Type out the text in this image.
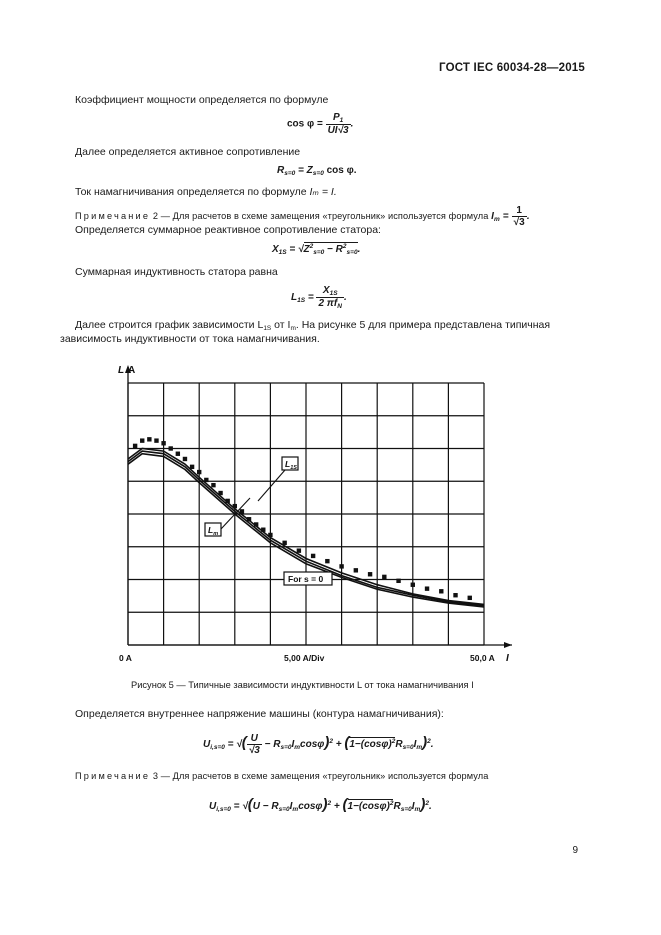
ГОСТ IEC 60034-28—2015
Коэффициент мощности определяется по формуле
$\cos \varphi = \frac{P_1}{UI√3}$ .
Далее определяется активное сопротивление
$R_{s=0} = Z_{s=0}$ cos φ.
Ток намагничивания определяется по формуле Iₘ = I.
Примечание 2 — Для расчетов в схеме замещения «треугольник» используется формула $I_m = \frac{1}{√3}$ .
Определяется суммарное реактивное сопротивление статора:
$X_{1S} = √Z^2_{s=0} - R^2_{s=0}$.
Суммарная индуктивность статора равна
$L_{1S} = \frac{X_{1S}}{2 \pi f_N}$ .
Далее строится график зависимости $L_{1S}$ от $I_m$. На рисунке 5 для примера представлена типичная
зависимость индуктивности от тока намагничивания.
L A
I
0 A	5,00 A/Div	50,0 A
$L_{1S}$
$L_m$
For s = 0
Рисунок 5 — Типичные зависимости индуктивности L от тока намагничивания I
Определяется внутреннее напряжение машины (контура намагничивания):
$U_{i,s=0}$ = √( $\frac{U}{√3} - R_{s=0}I_m\cos\varphi)^2 + (1-(\cos\varphi)^2R_{s=0}I_m)^2$.
Примечание 3 — Для расчетов в схеме замещения «треугольник» используется формула
$U_{i,s=0} = √(U - R_{s=0}I_m\cos\varphi)^2 + (1-(\cos\varphi)^2R_{s=0}I_m)^2$.
9
